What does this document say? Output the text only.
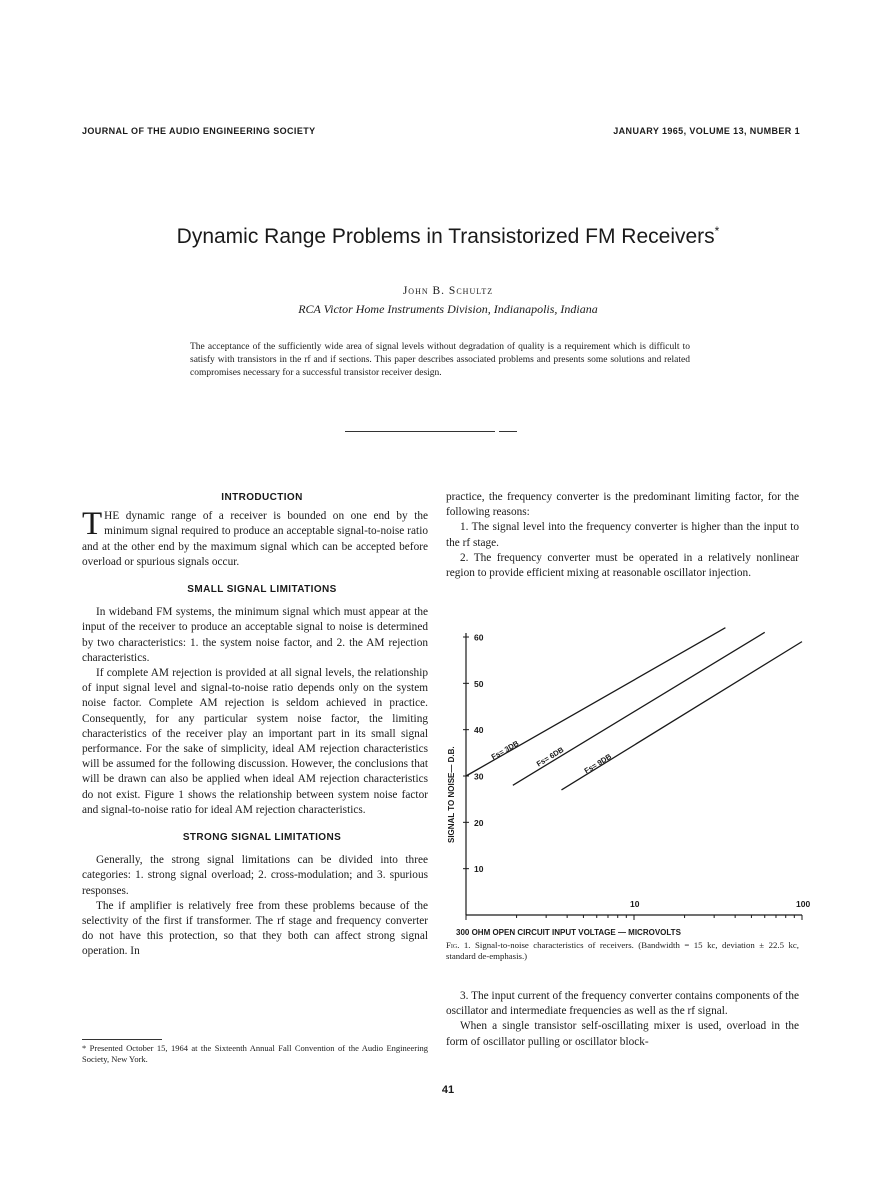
JOURNAL OF THE AUDIO ENGINEERING SOCIETY	JANUARY 1965, VOLUME 13, NUMBER 1
Dynamic Range Problems in Transistorized FM Receivers*
John B. Schultz
RCA Victor Home Instruments Division, Indianapolis, Indiana
The acceptance of the sufficiently wide area of signal levels without degradation of quality is a requirement which is difficult to satisfy with transistors in the rf and if sections. This paper describes associated problems and presents some solutions and related compromises necessary for a successful transistor receiver design.

INTRODUCTION

T HE dynamic range of a receiver is bounded on one end by the minimum signal required to produce an acceptable signal-to-noise ratio and at the other end by the maximum signal which can be accepted before overload or spurious signals occur.

SMALL SIGNAL LIMITATIONS

In wideband FM systems, the minimum signal which must appear at the input of the receiver to produce an acceptable signal to noise is determined by two characteristics: 1. the system noise factor, and 2. the AM rejection characteristics.

If complete AM rejection is provided at all signal levels, the relationship of input signal level and signal-to-noise ratio depends only on the system noise factor. Complete AM rejection is seldom achieved in practice. Consequently, for any particular system noise factor, the limiting characteristics of the receiver play an important part in its small signal performance. For the sake of simplicity, ideal AM rejection characteristics will be assumed for the following discussion. However, the conclusions that will be drawn can also be applied when ideal AM rejection characteristics do not exist. Figure 1 shows the relationship between system noise factor and signal-to-noise ratio for ideal AM rejection characteristics.

STRONG SIGNAL LIMITATIONS

Generally, the strong signal limitations can be divided into three categories: 1. strong signal overload; 2. cross-modulation; and 3. spurious responses.

The if amplifier is relatively free from these problems because of the selectivity of the first if transformer. The rf stage and frequency converter do not have this protection, so that they both can affect strong signal operation. In

practice, the frequency converter is the predominant limiting factor, for the following reasons:

1. The signal level into the frequency converter is higher than the input to the rf stage.

2. The frequency converter must be operated in a relatively nonlinear region to provide efficient mixing at reasonable oscillator injection.

10
20
30
40
50
60
10	100
300 OHM OPEN CIRCUIT INPUT VOLTAGE — MICROVOLTS
SIGNAL TO NOISE— D.B.	Fs= 3DB Fs= 6DB Fs= 9DB
Fig. 1. Signal-to-noise characteristics of receivers. (Bandwidth = 15 kc, deviation ± 22.5 kc, standard de-emphasis.)

3. The input current of the frequency converter contains components of the oscillator and intermediate frequencies as well as the rf signal.

When a single transistor self-oscillating mixer is used, overload in the form of oscillator pulling or oscillator block-

* Presented October 15, 1964 at the Sixteenth Annual Fall Convention of the Audio Engineering Society, New York.
41
